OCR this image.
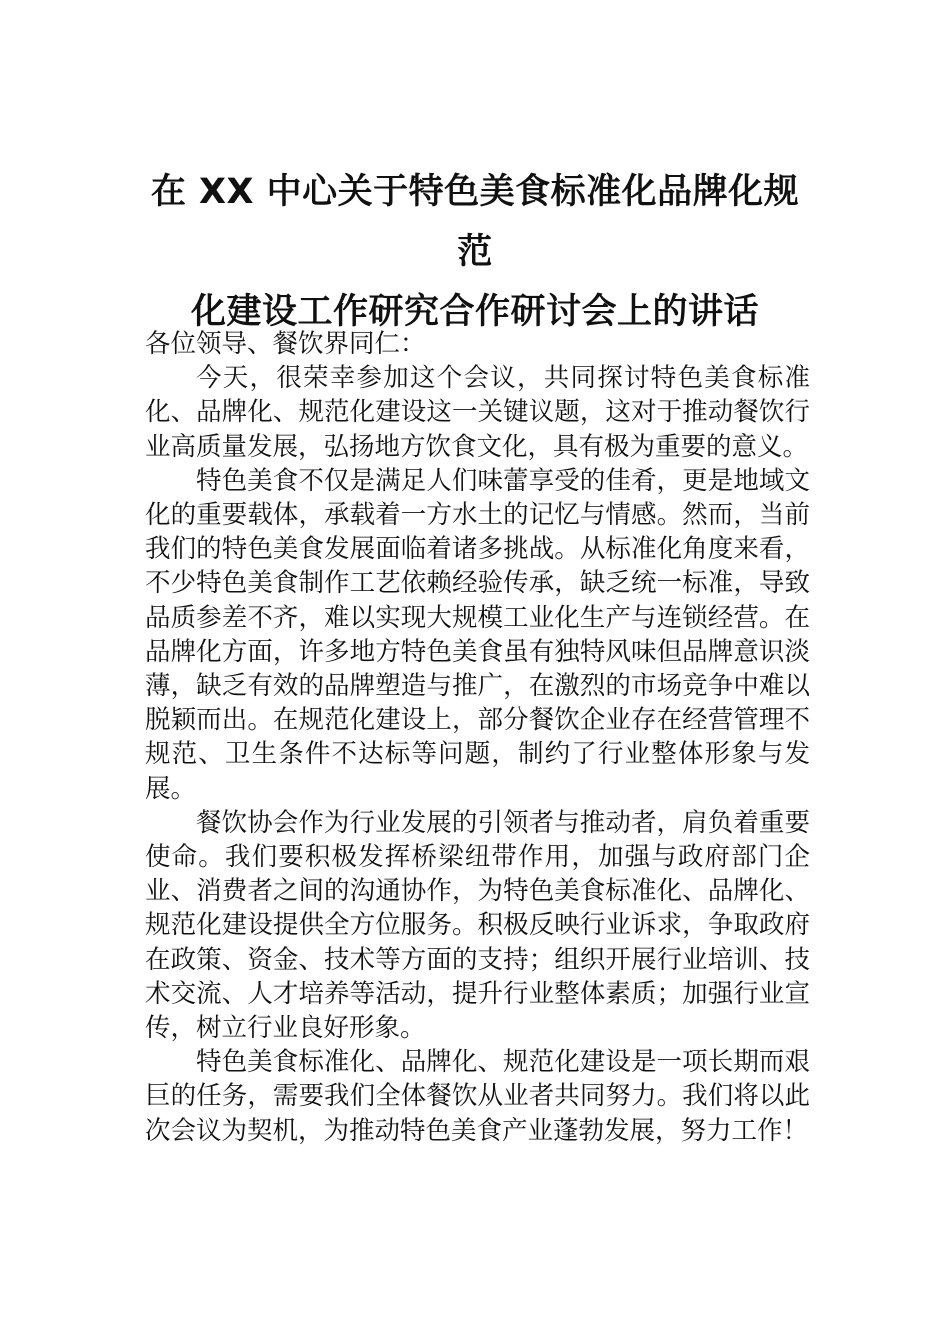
在 XX 中心关于特色美食标准化品牌化规范
化建设工作研究合作研讨会上的讲话

各位领导、餐饮界同仁：

今天，很荣幸参加这个会议，共同探讨特色美食标准化、品牌化、规范化建设这一关键议题，这对于推动餐饮行业高质量发展，弘扬地方饮食文化，具有极为重要的意义。

特色美食不仅是满足人们味蕾享受的佳肴，更是地域文化的重要载体，承载着一方水土的记忆与情感。然而，当前我们的特色美食发展面临着诸多挑战。从标准化角度来看，不少特色美食制作工艺依赖经验传承，缺乏统一标准，导致品质参差不齐，难以实现大规模工业化生产与连锁经营。在品牌化方面，许多地方特色美食虽有独特风味但品牌意识淡薄，缺乏有效的品牌塑造与推广，在激烈的市场竞争中难以脱颖而出。在规范化建设上，部分餐饮企业存在经营管理不规范、卫生条件不达标等问题，制约了行业整体形象与发展。

餐饮协会作为行业发展的引领者与推动者，肩负着重要使命。我们要积极发挥桥梁纽带作用，加强与政府部门企业、消费者之间的沟通协作，为特色美食标准化、品牌化、规范化建设提供全方位服务。积极反映行业诉求，争取政府在政策、资金、技术等方面的支持；组织开展行业培训、技术交流、人才培养等活动，提升行业整体素质；加强行业宣传，树立行业良好形象。

特色美食标准化、品牌化、规范化建设是一项长期而艰巨的任务，需要我们全体餐饮从业者共同努力。我们将以此次会议为契机，为推动特色美食产业蓬勃发展，努力工作！
